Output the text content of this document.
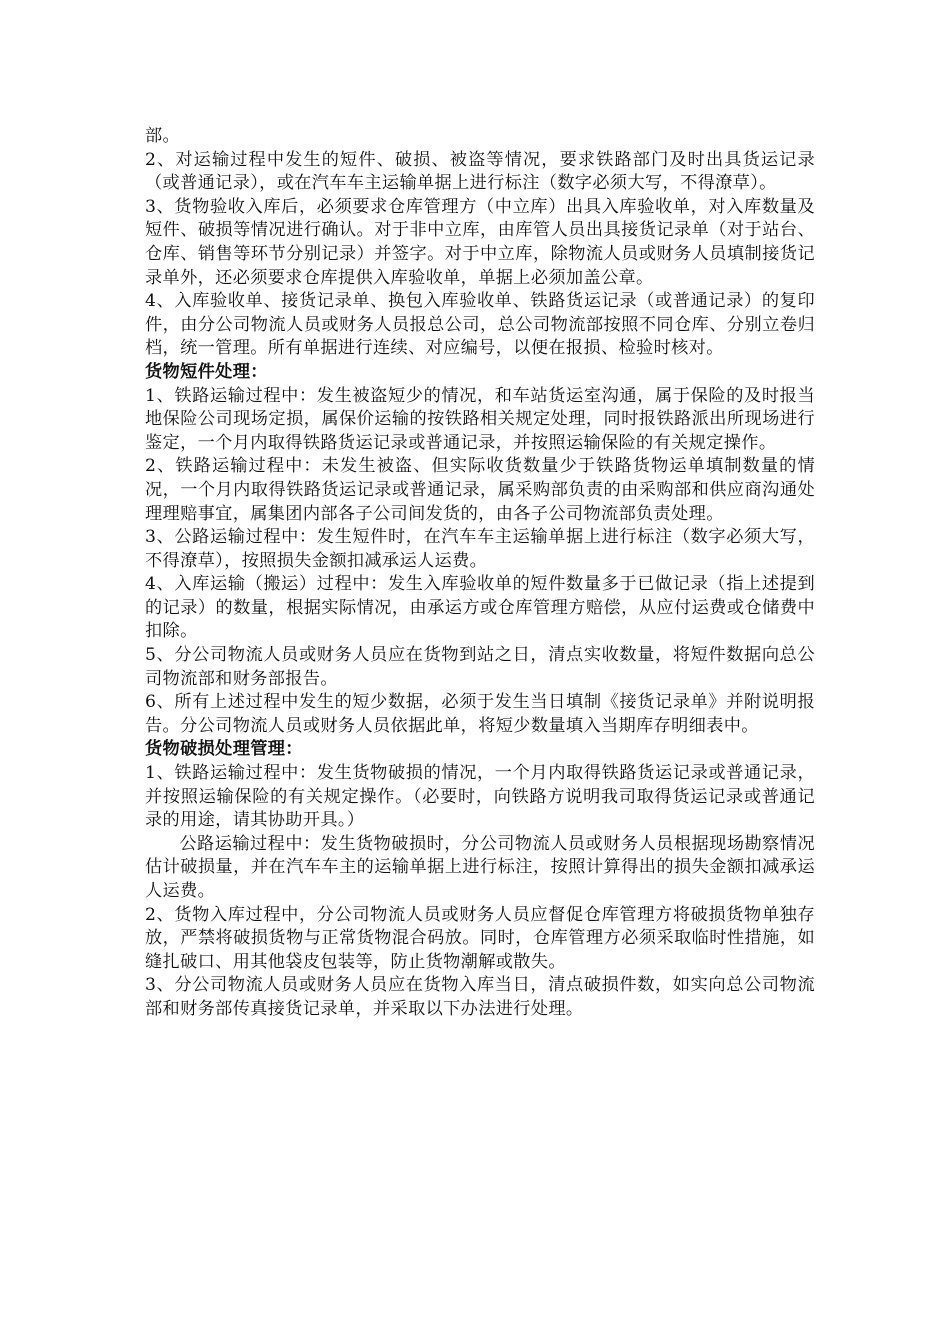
部。

2、对运输过程中发生的短件、破损、被盗等情况，要求铁路部门及时出具货运记录（或普通记录），或在汽车车主运输单据上进行标注（数字必须大写，不得潦草）。

3、货物验收入库后，必须要求仓库管理方（中立库）出具入库验收单，对入库数量及短件、破损等情况进行确认。对于非中立库，由库管人员出具接货记录单（对于站台、仓库、销售等环节分别记录）并签字。对于中立库，除物流人员或财务人员填制接货记录单外，还必须要求仓库提供入库验收单，单据上必须加盖公章。

4、入库验收单、接货记录单、换包入库验收单、铁路货运记录（或普通记录）的复印件，由分公司物流人员或财务人员报总公司，总公司物流部按照不同仓库、分别立卷归档，统一管理。所有单据进行连续、对应编号，以便在报损、检验时核对。

货物短件处理：

1、铁路运输过程中：发生被盗短少的情况，和车站货运室沟通，属于保险的及时报当地保险公司现场定损，属保价运输的按铁路相关规定处理，同时报铁路派出所现场进行鉴定，一个月内取得铁路货运记录或普通记录，并按照运输保险的有关规定操作。

2、铁路运输过程中：未发生被盗、但实际收货数量少于铁路货物运单填制数量的情况，一个月内取得铁路货运记录或普通记录，属采购部负责的由采购部和供应商沟通处理理赔事宜，属集团内部各子公司间发货的，由各子公司物流部负责处理。

3、公路运输过程中：发生短件时，在汽车车主运输单据上进行标注（数字必须大写，不得潦草），按照损失金额扣减承运人运费。

4、入库运输（搬运）过程中：发生入库验收单的短件数量多于已做记录（指上述提到的记录）的数量，根据实际情况，由承运方或仓库管理方赔偿，从应付运费或仓储费中扣除。

5、分公司物流人员或财务人员应在货物到站之日，清点实收数量，将短件数据向总公司物流部和财务部报告。

6、所有上述过程中发生的短少数据，必须于发生当日填制《接货记录单》并附说明报告。分公司物流人员或财务人员依据此单，将短少数量填入当期库存明细表中。

货物破损处理管理：

1、铁路运输过程中：发生货物破损的情况，一个月内取得铁路货运记录或普通记录，并按照运输保险的有关规定操作。（必要时，向铁路方说明我司取得货运记录或普通记录的用途，请其协助开具。）

公路运输过程中：发生货物破损时，分公司物流人员或财务人员根据现场勘察情况估计破损量，并在汽车车主的运输单据上进行标注，按照计算得出的损失金额扣减承运人运费。

2、货物入库过程中，分公司物流人员或财务人员应督促仓库管理方将破损货物单独存放，严禁将破损货物与正常货物混合码放。同时，仓库管理方必须采取临时性措施，如缝扎破口、用其他袋皮包装等，防止货物潮解或散失。

3、分公司物流人员或财务人员应在货物入库当日，清点破损件数，如实向总公司物流部和财务部传真接货记录单，并采取以下办法进行处理。
